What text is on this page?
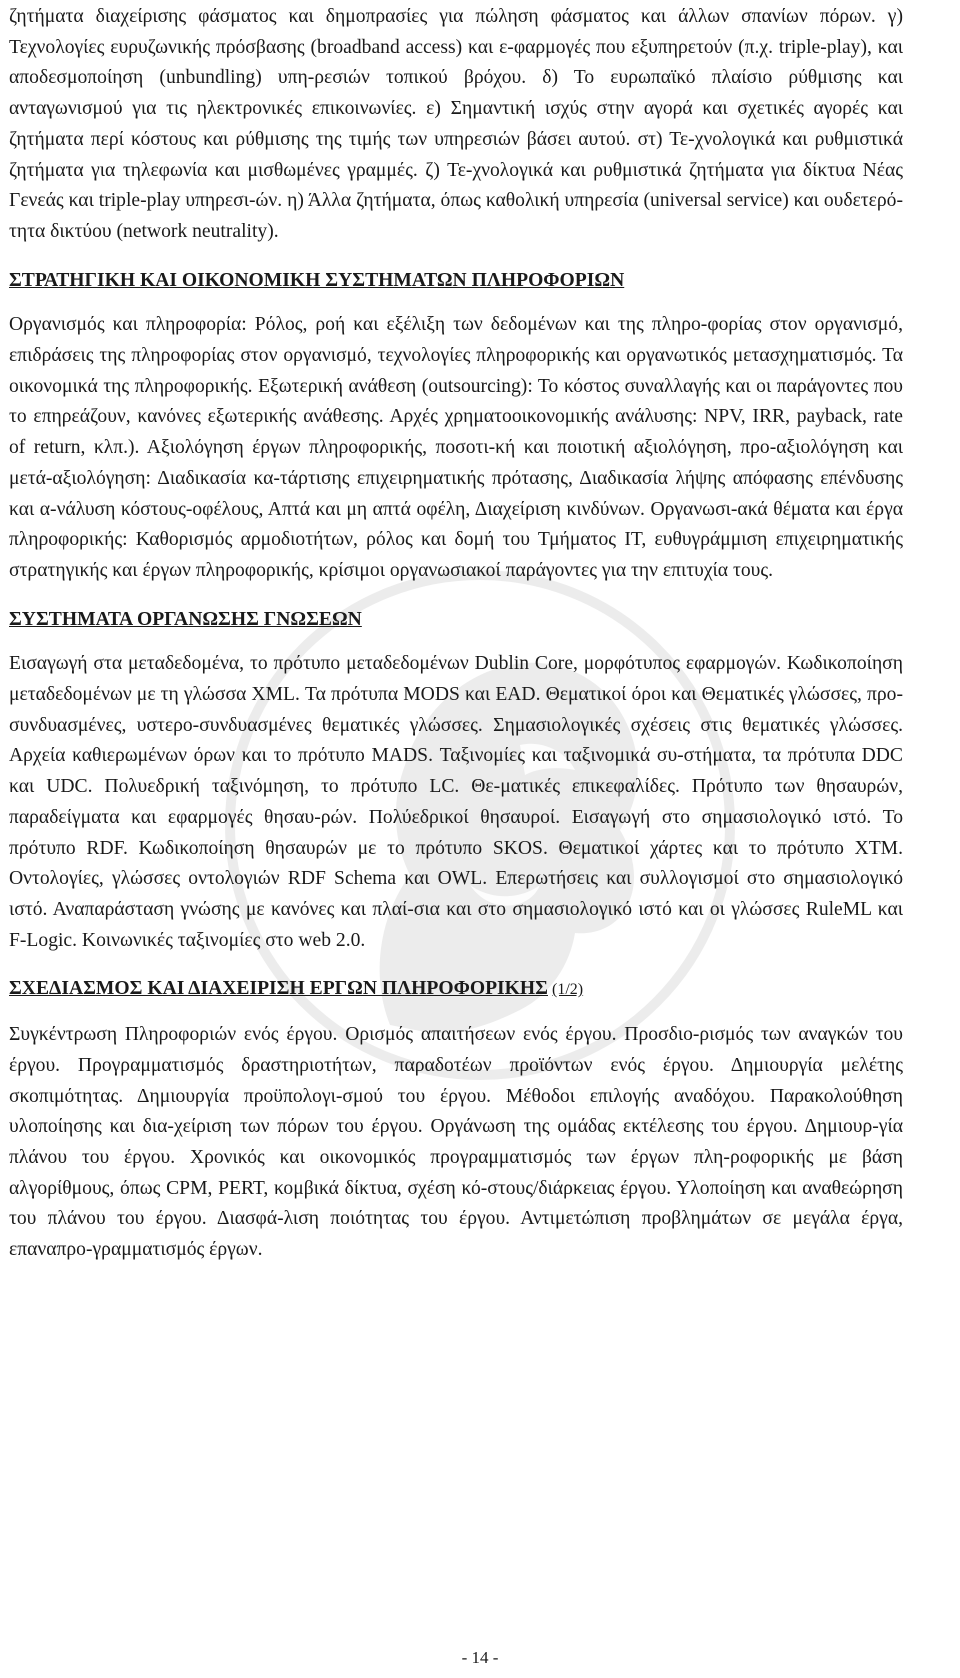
ζητήματα διαχείρισης φάσματος και δημοπρασίες για πώληση φάσματος και άλλων σπανίων πόρων. γ) Τεχνολογίες ευρυζωνικής πρόσβασης (broadband access) και ε-φαρμογές που εξυπηρετούν (π.χ. triple-play), και αποδεσμοποίηση (unbundling) υπη-ρεσιών τοπικού βρόχου. δ) Το ευρωπαϊκό πλαίσιο ρύθμισης και ανταγωνισμού για τις ηλεκτρονικές επικοινωνίες. ε) Σημαντική ισχύς στην αγορά και σχετικές αγορές και ζητήματα περί κόστους και ρύθμισης της τιμής των υπηρεσιών βάσει αυτού. στ) Τε-χνολογικά και ρυθμιστικά ζητήματα για τηλεφωνία και μισθωμένες γραμμές. ζ) Τε-χνολογικά και ρυθμιστικά ζητήματα για δίκτυα Νέας Γενεάς και triple-play υπηρεσι-ών. η) Άλλα ζητήματα, όπως καθολική υπηρεσία (universal service) και ουδετερό-τητα δικτύου (network neutrality).

ΣΤΡΑΤΗΓΙΚΗ ΚΑΙ ΟΙΚΟΝΟΜΙΚΗ ΣΥΣΤΗΜΑΤΩΝ ΠΛΗΡΟΦΟΡΙΩΝ

Οργανισμός και πληροφορία: Ρόλος, ροή και εξέλιξη των δεδομένων και της πληρο-φορίας στον οργανισμό, επιδράσεις της πληροφορίας στον οργανισμό, τεχνολογίες πληροφορικής και οργανωτικός μετασχηματισμός. Τα οικονομικά της πληροφορικής. Εξωτερική ανάθεση (outsourcing): Το κόστος συναλλαγής και οι παράγοντες που το επηρεάζουν, κανόνες εξωτερικής ανάθεσης. Αρχές χρηματοοικονομικής ανάλυσης: NPV, IRR, payback, rate of return, κλπ.). Αξιολόγηση έργων πληροφορικής, ποσοτι-κή και ποιοτική αξιολόγηση, προ-αξιολόγηση και μετά-αξιολόγηση: Διαδικασία κα-τάρτισης επιχειρηματικής πρότασης, Διαδικασία λήψης απόφασης επένδυσης και α-νάλυση κόστους-οφέλους, Απτά και μη απτά οφέλη, Διαχείριση κινδύνων. Οργανωσι-ακά θέματα και έργα πληροφορικής: Καθορισμός αρμοδιοτήτων, ρόλος και δομή του Τμήματος IT, ευθυγράμμιση επιχειρηματικής στρατηγικής και έργων πληροφορικής, κρίσιμοι οργανωσιακοί παράγοντες για την επιτυχία τους.

ΣΥΣΤΗΜΑΤΑ ΟΡΓΑΝΩΣΗΣ ΓΝΩΣΕΩΝ

Εισαγωγή στα μεταδεδομένα, το πρότυπο μεταδεδομένων Dublin Core, μορφότυπος εφαρμογών. Κωδικοποίηση μεταδεδομένων με τη γλώσσα XML. Τα πρότυπα MODS και EAD. Θεματικοί όροι και Θεματικές γλώσσες, προ-συνδυασμένες, υστερο-συνδυασμένες θεματικές γλώσσες. Σημασιολογικές σχέσεις στις θεματικές γλώσσες. Αρχεία καθιερωμένων όρων και το πρότυπο MADS. Ταξινομίες και ταξινομικά συ-στήματα, τα πρότυπα DDC και UDC. Πολυεδρική ταξινόμηση, το πρότυπο LC. Θε-ματικές επικεφαλίδες. Πρότυπο των θησαυρών, παραδείγματα και εφαρμογές θησαυ-ρών. Πολύεδρικοί θησαυροί. Εισαγωγή στο σημασιολογικό ιστό. Το πρότυπο RDF. Κωδικοποίηση θησαυρών με το πρότυπο SKOS. Θεματικοί χάρτες και το πρότυπο XTM. Οντολογίες, γλώσσες οντολογιών RDF Schema και OWL. Επερωτήσεις και συλλογισμοί στο σημασιολογικό ιστό. Αναπαράσταση γνώσης με κανόνες και πλαί-σια και στο σημασιολογικό ιστό και οι γλώσσες RuleML και F-Logic. Κοινωνικές ταξινομίες στο web 2.0.

ΣΧΕΔΙΑΣΜΟΣ ΚΑΙ ΔΙΑΧΕΙΡΙΣΗ ΕΡΓΩΝ ΠΛΗΡΟΦΟΡΙΚΗΣ (1/2)

Συγκέντρωση Πληροφοριών ενός έργου. Ορισμός απαιτήσεων ενός έργου. Προσδιο-ρισμός των αναγκών του έργου. Προγραμματισμός δραστηριοτήτων, παραδοτέων προϊόντων ενός έργου. Δημιουργία μελέτης σκοπιμότητας. Δημιουργία προϋπολογι-σμού του έργου. Μέθοδοι επιλογής αναδόχου. Παρακολούθηση υλοποίησης και δια-χείριση των πόρων του έργου. Οργάνωση της ομάδας εκτέλεσης του έργου. Δημιουρ-γία πλάνου του έργου. Χρονικός και οικονομικός προγραμματισμός των έργων πλη-ροφορικής με βάση αλγορίθμους, όπως CPM, PERT, κομβικά δίκτυα, σχέση κό-στους/διάρκειας έργου. Υλοποίηση και αναθεώρηση του πλάνου του έργου. Διασφά-λιση ποιότητας του έργου. Αντιμετώπιση προβλημάτων σε μεγάλα έργα, επαναπρο-γραμματισμός έργων.

- 14 -
